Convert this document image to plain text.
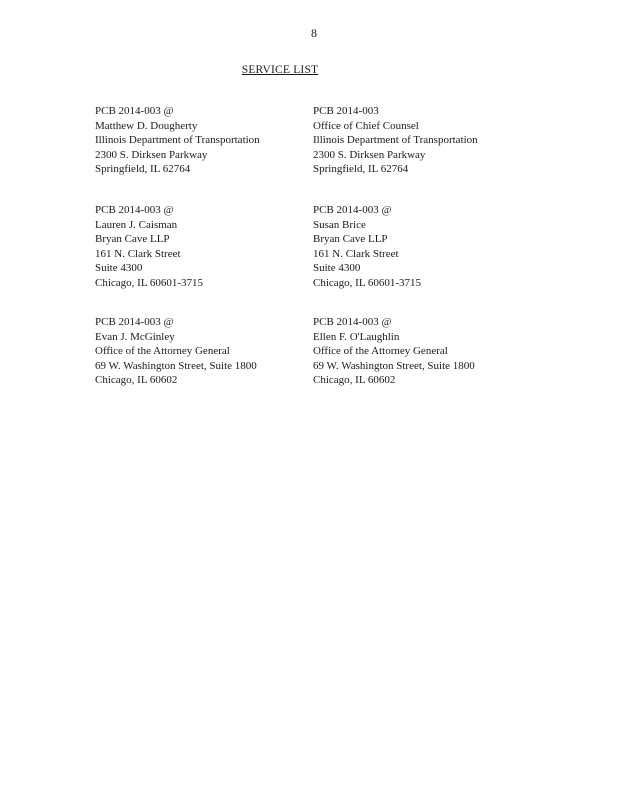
8
SERVICE LIST
PCB 2014-003 @
Matthew D. Dougherty
Illinois Department of Transportation
2300 S. Dirksen Parkway
Springfield, IL 62764
PCB 2014-003
Office of Chief Counsel
Illinois Department of Transportation
2300 S. Dirksen Parkway
Springfield, IL 62764
PCB 2014-003 @
Lauren J. Caisman
Bryan Cave LLP
161 N. Clark Street
Suite 4300
Chicago, IL 60601-3715
PCB 2014-003 @
Susan Brice
Bryan Cave LLP
161 N. Clark Street
Suite 4300
Chicago, IL 60601-3715
PCB 2014-003 @
Evan J. McGinley
Office of the Attorney General
69 W. Washington Street, Suite 1800
Chicago, IL 60602
PCB 2014-003 @
Ellen F. O'Laughlin
Office of the Attorney General
69 W. Washington Street, Suite 1800
Chicago, IL 60602
